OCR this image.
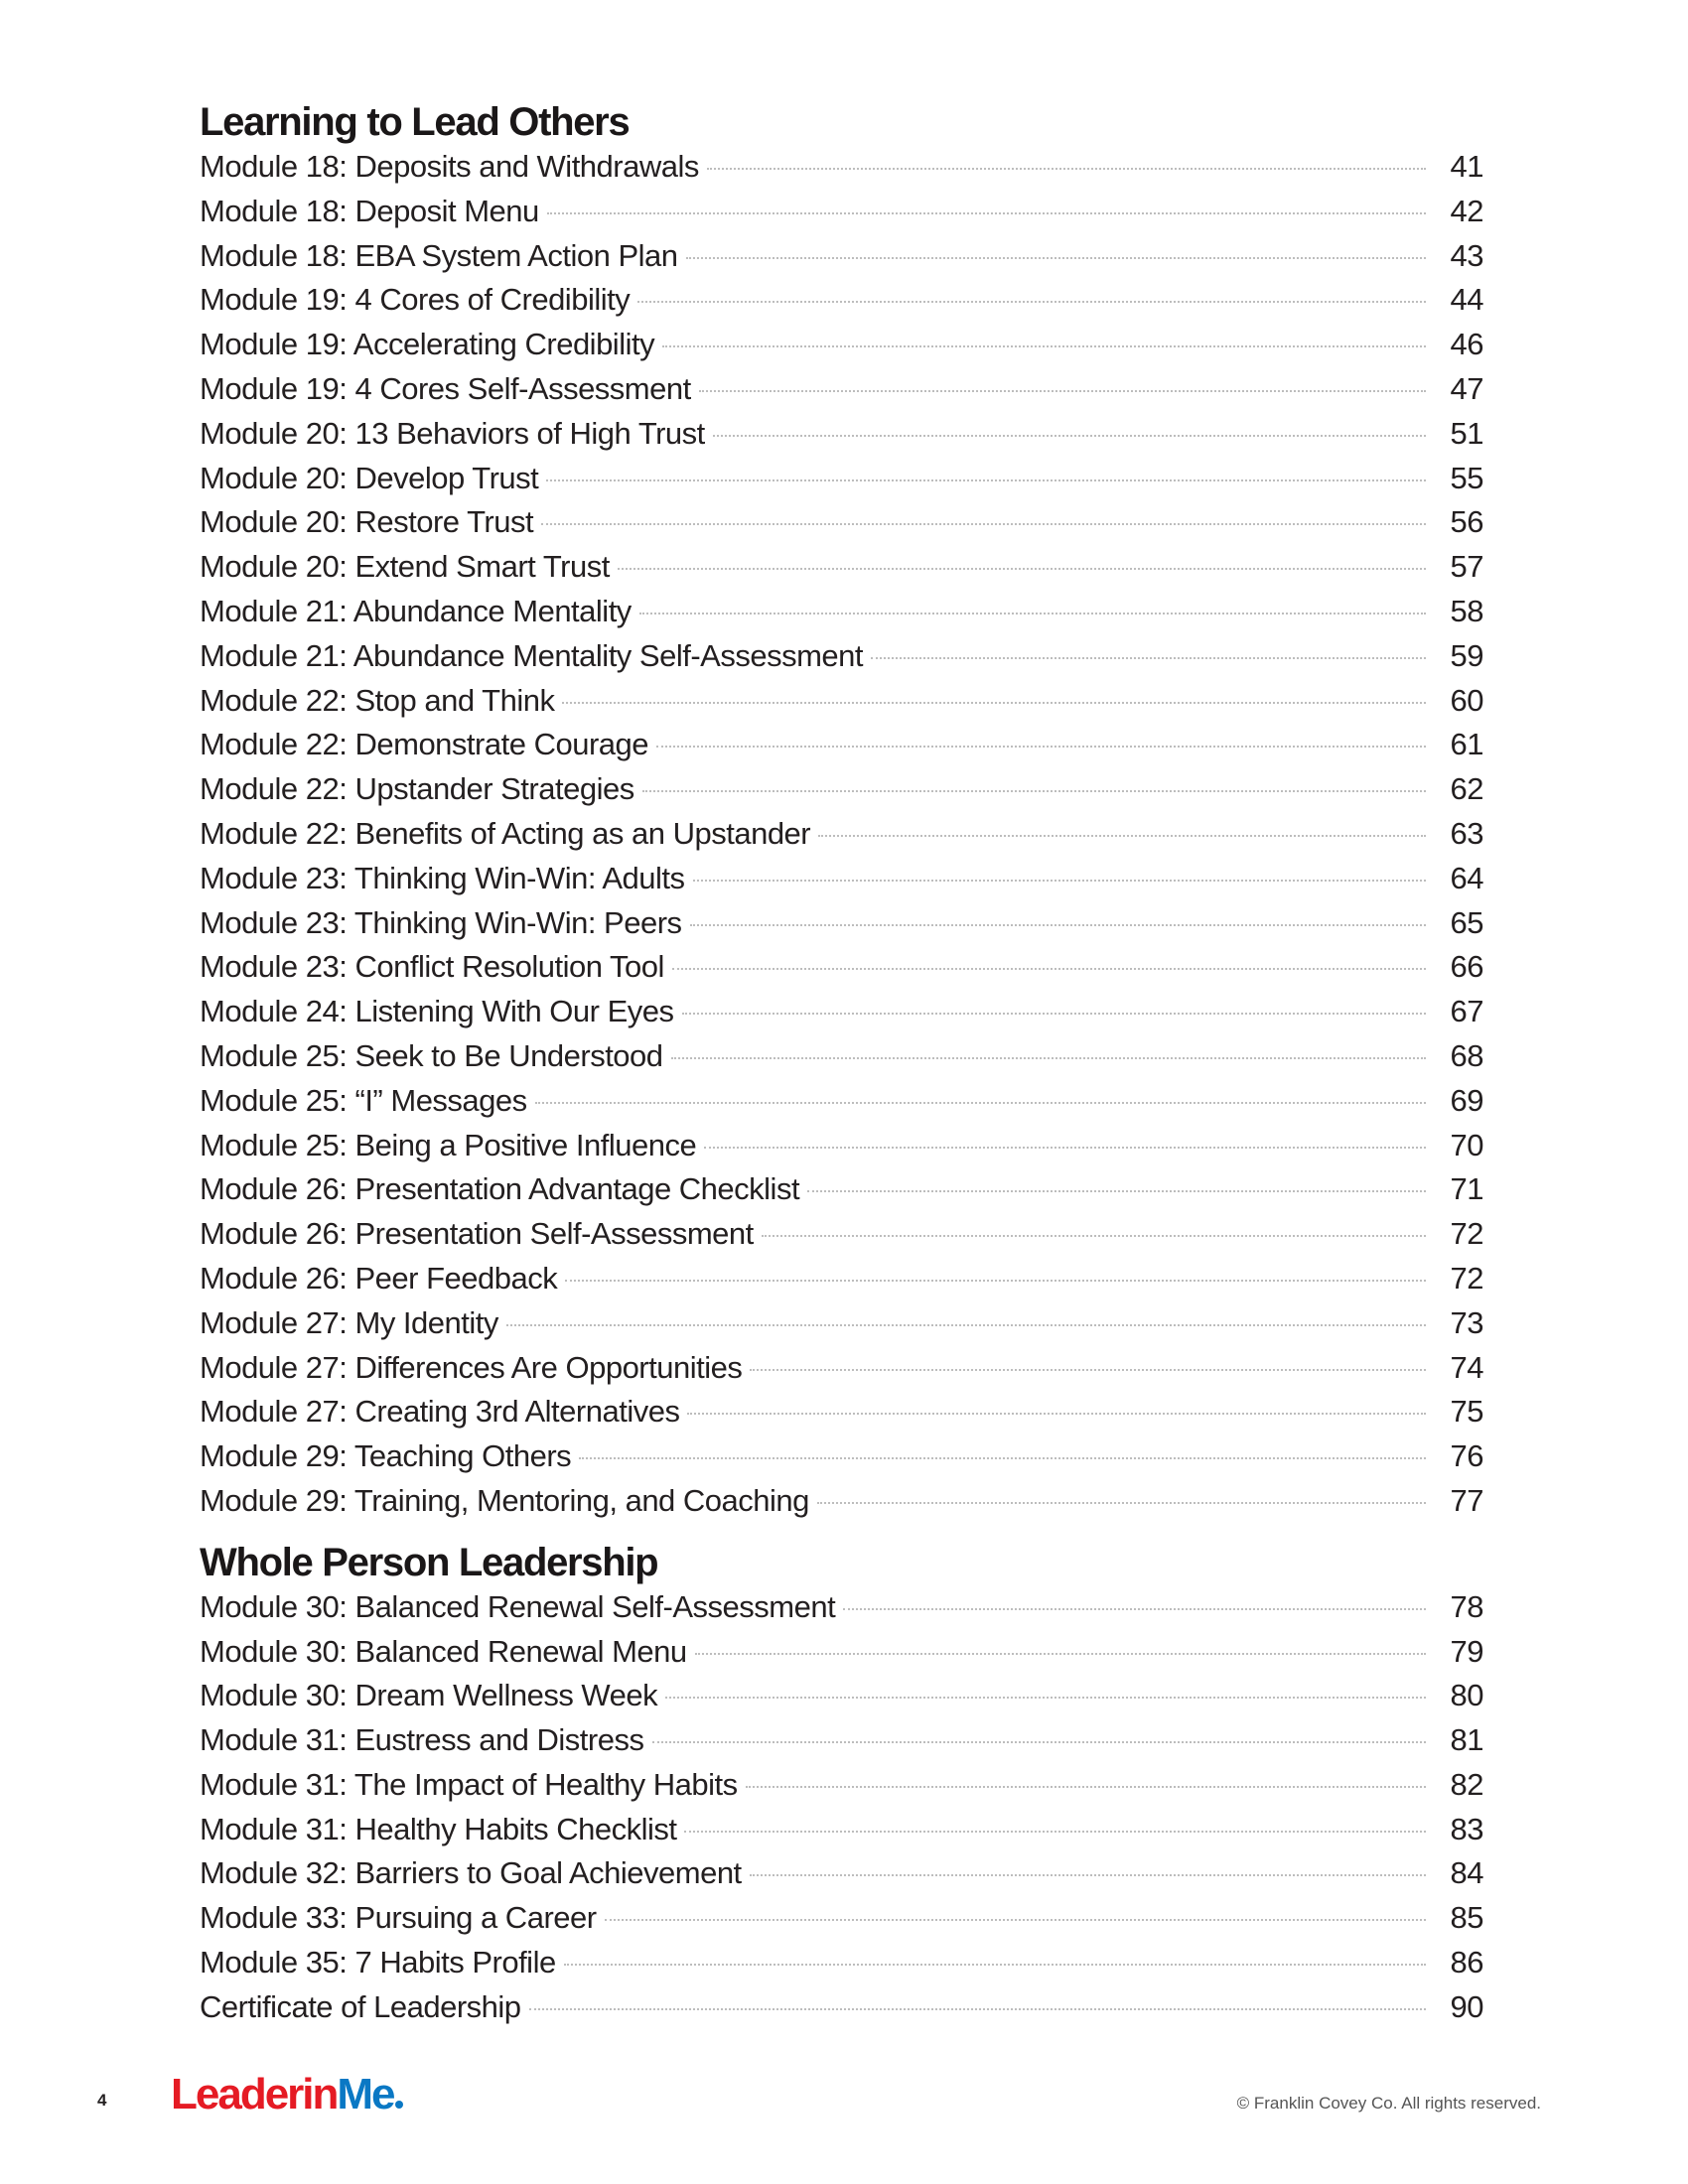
Learning to Lead Others
Module 18: Deposits and Withdrawals	41
Module 18: Deposit Menu	42
Module 18: EBA System Action Plan	43
Module 19: 4 Cores of Credibility	44
Module 19: Accelerating Credibility	46
Module 19: 4 Cores Self-Assessment	47
Module 20: 13 Behaviors of High Trust	51
Module 20: Develop Trust	55
Module 20: Restore Trust	56
Module 20: Extend Smart Trust	57
Module 21: Abundance Mentality	58
Module 21: Abundance Mentality Self-Assessment	59
Module 22: Stop and Think	60
Module 22: Demonstrate Courage	61
Module 22: Upstander Strategies	62
Module 22: Benefits of Acting as an Upstander	63
Module 23: Thinking Win-Win: Adults	64
Module 23: Thinking Win-Win: Peers	65
Module 23: Conflict Resolution Tool	66
Module 24: Listening With Our Eyes	67
Module 25: Seek to Be Understood	68
Module 25: “I” Messages	69
Module 25: Being a Positive Influence	70
Module 26: Presentation Advantage Checklist	71
Module 26: Presentation Self-Assessment	72
Module 26: Peer Feedback	72
Module 27: My Identity	73
Module 27: Differences Are Opportunities	74
Module 27: Creating 3rd Alternatives	75
Module 29: Teaching Others	76
Module 29: Training, Mentoring, and Coaching	77
Whole Person Leadership
Module 30: Balanced Renewal Self-Assessment	78
Module 30: Balanced Renewal Menu	79
Module 30: Dream Wellness Week	80
Module 31: Eustress and Distress	81
Module 31: The Impact of Healthy Habits	82
Module 31: Healthy Habits Checklist	83
Module 32: Barriers to Goal Achievement	84
Module 33: Pursuing a Career	85
Module 35: 7 Habits Profile	86
Certificate of Leadership	90
4 LeaderinMe	© Franklin Covey Co. All rights reserved.
